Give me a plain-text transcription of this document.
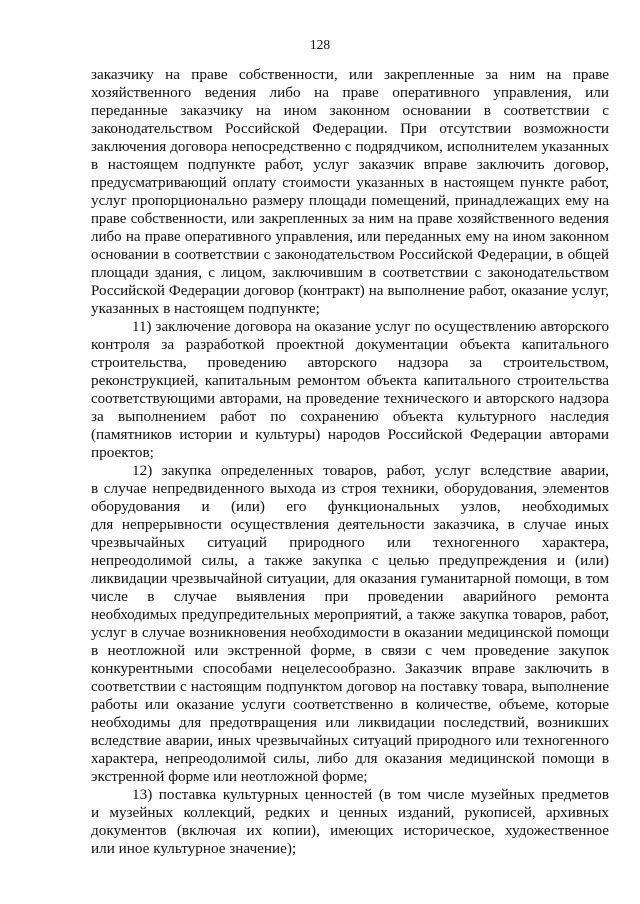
128
заказчику на праве собственности, или закрепленные за ним на праве
хозяйственного ведения либо на праве оперативного управления, или
переданные заказчику на ином законном основании в соответствии с
законодательством Российской Федерации. При отсутствии возможности
заключения договора непосредственно с подрядчиком, исполнителем указанных
в настоящем подпункте работ, услуг заказчик вправе заключить договор,
предусматривающий оплату стоимости указанных в настоящем пункте работ,
услуг пропорционально размеру площади помещений, принадлежащих ему на
праве собственности, или закрепленных за ним на праве хозяйственного ведения
либо на праве оперативного управления, или переданных ему на ином законном
основании в соответствии с законодательством Российской Федерации, в общей
площади здания, с лицом, заключившим в соответствии с законодательством
Российской Федерации договор (контракт) на выполнение работ, оказание услуг,
указанных в настоящем подпункте;
11) заключение договора на оказание услуг по осуществлению авторского
контроля за разработкой проектной документации объекта капитального
строительства, проведению авторского надзора за строительством,
реконструкцией, капитальным ремонтом объекта капитального строительства
соответствующими авторами, на проведение технического и авторского надзора
за выполнением работ по сохранению объекта культурного наследия
(памятников истории и культуры) народов Российской Федерации авторами
проектов;
12) закупка определенных товаров, работ, услуг вследствие аварии,
в случае непредвиденного выхода из строя техники, оборудования, элементов
оборудования и (или) его функциональных узлов, необходимых
для непрерывности осуществления деятельности заказчика, в случае иных
чрезвычайных ситуаций природного или техногенного характера,
непреодолимой силы, а также закупка с целью предупреждения и (или)
ликвидации чрезвычайной ситуации, для оказания гуманитарной помощи, в том
числе в случае выявления при проведении аварийного ремонта
необходимых предупредительных мероприятий, а также закупка товаров, работ,
услуг в случае возникновения необходимости в оказании медицинской помощи
в неотложной или экстренной форме, в связи с чем проведение закупок
конкурентными способами нецелесообразно. Заказчик вправе заключить в
соответствии с настоящим подпунктом договор на поставку товара, выполнение
работы или оказание услуги соответственно в количестве, объеме, которые
необходимы для предотвращения или ликвидации последствий, возникших
вследствие аварии, иных чрезвычайных ситуаций природного или техногенного
характера, непреодолимой силы, либо для оказания медицинской помощи в
экстренной форме или неотложной форме;
13) поставка культурных ценностей (в том числе музейных предметов
и музейных коллекций, редких и ценных изданий, рукописей, архивных
документов (включая их копии), имеющих историческое, художественное
или иное культурное значение);
